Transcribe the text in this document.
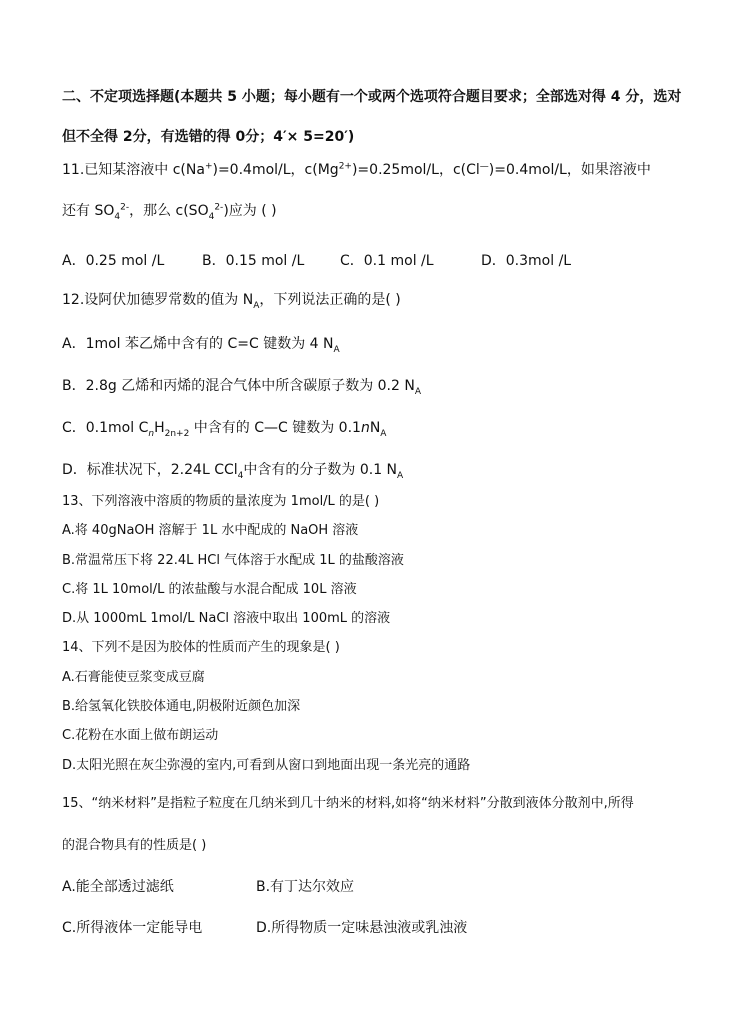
二、不定项选择题(本题共 5 小题；每小题有一个或两个选项符合题目要求；全部选对得 4 分，选对
但不全得 2分，有选错的得 0分；4′× 5=20′)
11.已知某溶液中 c(Na+)=0.4mol/L，$c(Mg^{2+})=0.25mol/L$，c(Cl—)=0.4mol/L，如果溶液中
还有 $SO_4^{2-}$，那么 $c(SO_4^{2-})$应为 ( )
A．0.25 mol /L	B．0.15 mol /L	C．0.1 mol /L	D．0.3mol /L
12.设阿伏加德罗常数的值为 $N_A$，下列说法正确的是( )
A．1mol 苯乙烯中含有的 C=C 键数为 4 $N_A$
B．2.8g 乙烯和丙烯的混合气体中所含碳原子数为 0.2 $N_A$
C．0.1mol $C_nH_{2n+2}$ 中含有的 C—C 键数为 $0.1nN_A$
D．标准状况下，2.24L CCl$_4$中含有的分子数为 0.1 $N_A$
13、下列溶液中溶质的物质的量浓度为 1mol/L 的是( )
A.将 40gNaOH 溶解于 1L 水中配成的 NaOH 溶液
B.常温常压下将 22.4L HCl 气体溶于水配成 1L 的盐酸溶液
C.将 1L 10mol/L 的浓盐酸与水混合配成 10L 溶液
D.从 1000mL 1mol/L NaCl 溶液中取出 100mL 的溶液
14、下列不是因为胶体的性质而产生的现象是( )
A.石膏能使豆浆变成豆腐
B.给氢氧化铁胶体通电,阴极附近颜色加深
C.花粉在水面上做布朗运动
D.太阳光照在灰尘弥漫的室内,可看到从窗口到地面出现一条光亮的通路
15、“纳米材料”是指粒子粒度在几纳米到几十纳米的材料,如将“纳米材料”分散到液体分散剂中,所得
的混合物具有的性质是( )
A.能全部透过滤纸	B.有丁达尔效应
C.所得液体一定能导电	D.所得物质一定味悬浊液或乳浊液
